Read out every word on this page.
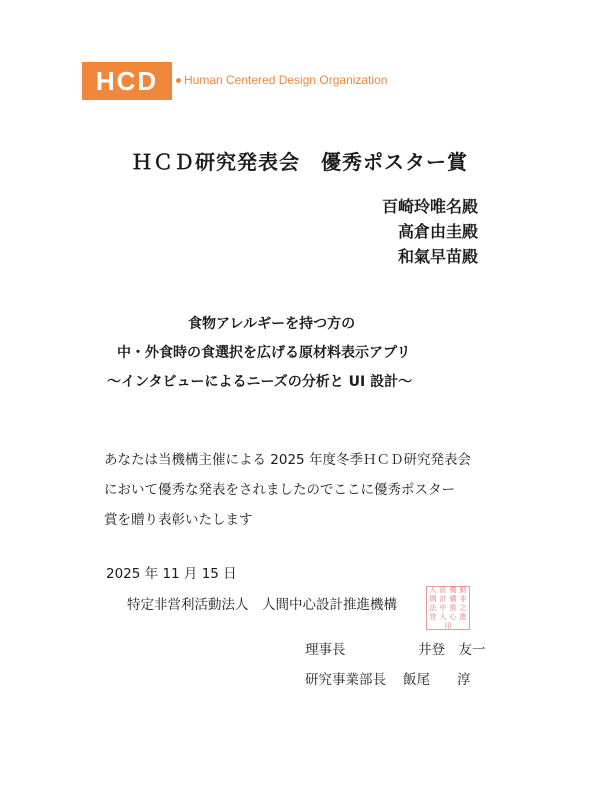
HCD Human Centered Design Organization
ＨＣＤ研究発表会　優秀ポスター賞
百崎玲唯名殿
高倉由圭殿
和氣早苗殿
食物アレルギーを持つ方の
中・外食時の食選択を広げる原材料表示アプリ
～インタビューによるニーズの分析と UI 設計～
あなたは当機構主催による 2025 年度冬季ＨＣＤ研究発表会
において優秀な発表をされましたのでここに優秀ポスター
賞を贈り表彰いたします
2025 年 11 月 15 日
特定非営利活動法人　人間中心設計推進機構
人 設 機 動
間 計 構 非
法 中 推 之
営 人 心 進
印
理事長	井登　友一
研究事業部長 飯尾　　淳
